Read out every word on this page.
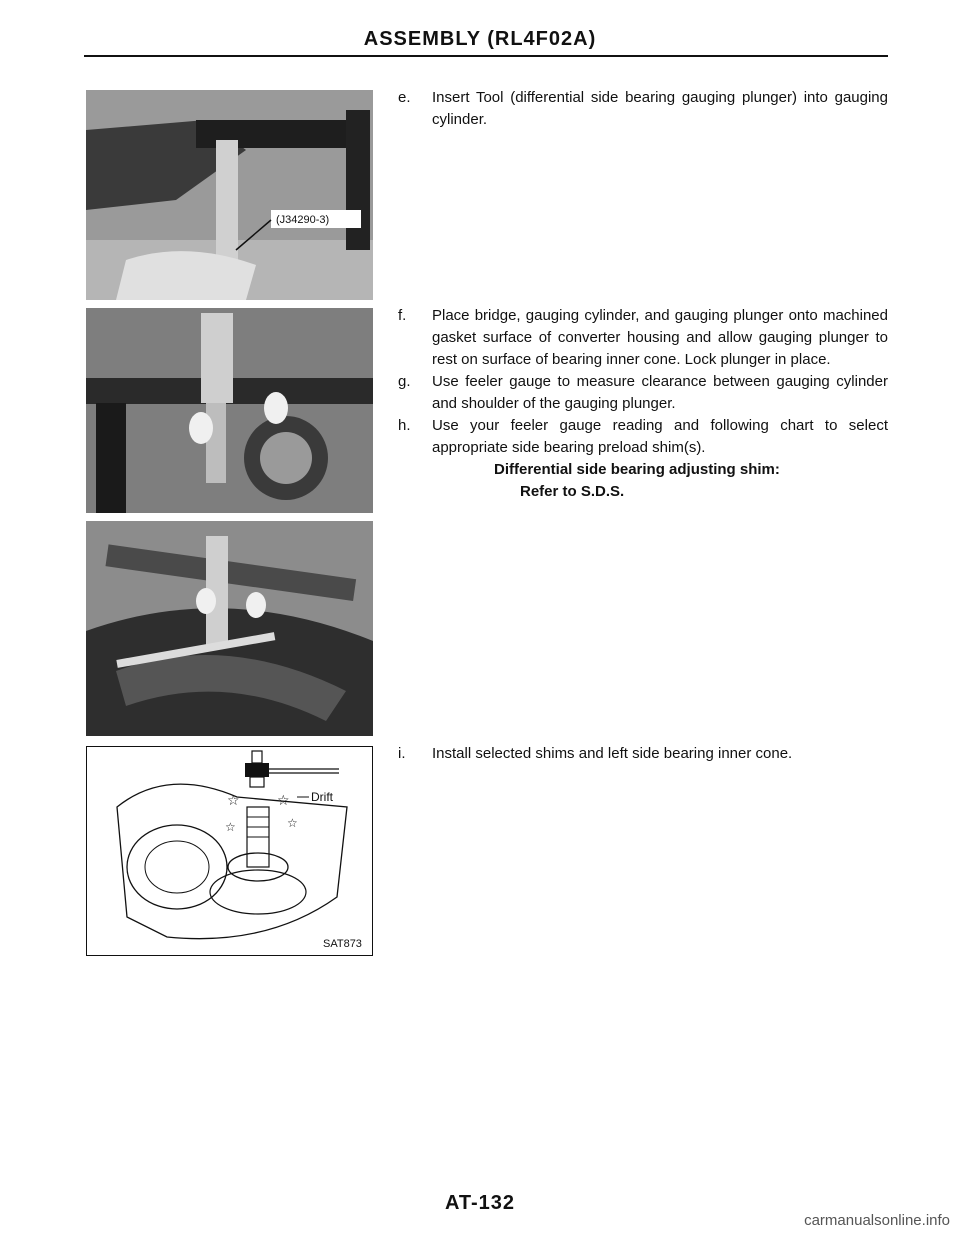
ASSEMBLY (RL4F02A)
(J34290-3)
☆	☆
☆	☆
Drift
SAT873
e.	Insert Tool (differential side bearing gauging plunger) into gauging cylinder.
f.	Place bridge, gauging cylinder, and gauging plunger onto machined gasket surface of converter housing and allow gauging plunger to rest on surface of bearing inner cone. Lock plunger in place.
g.	Use feeler gauge to measure clearance between gauging cylinder and shoulder of the gauging plunger.
h.	Use your feeler gauge reading and following chart to select appropriate side bearing preload shim(s).
Differential side bearing adjusting shim:
Refer to S.D.S.
i.	Install selected shims and left side bearing inner cone.
AT-132
carmanualsonline.info
